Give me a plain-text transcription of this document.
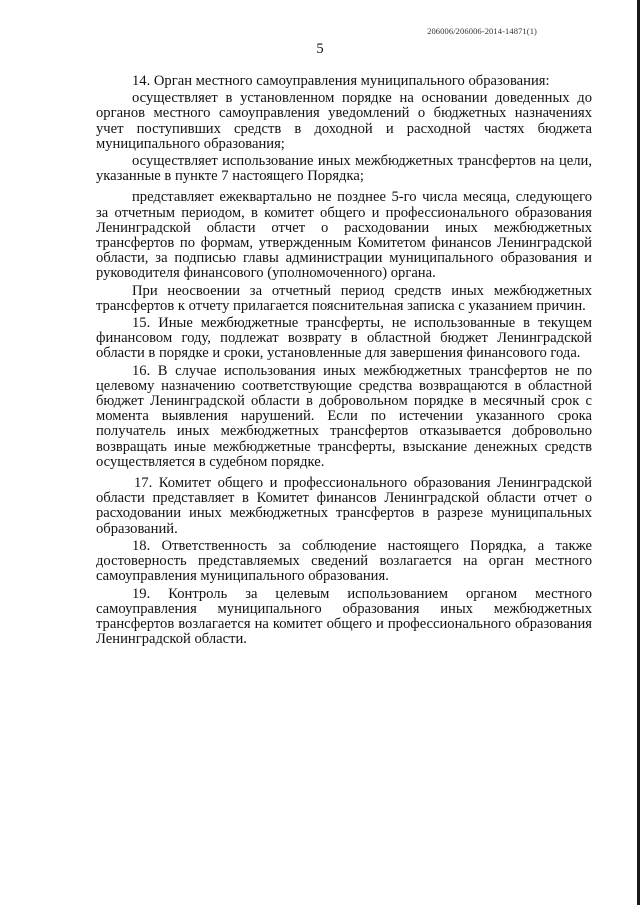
206006/206006-2014-14871(1)
5

14. Орган местного самоуправления муниципального образования:

осуществляет в установленном порядке на основании доведенных до органов местного самоуправления уведомлений о бюджетных назначениях учет поступивших средств в доходной и расходной частях бюджета муниципального образования;

осуществляет использование иных межбюджетных трансфертов на цели, указанные в пункте 7 настоящего Порядка;

представляет ежеквартально не позднее 5-го числа месяца, следующего за отчетным периодом, в комитет общего и профессионального образования Ленинградской области отчет о расходовании иных межбюджетных трансфертов по формам, утвержденным Комитетом финансов Ленинградской области, за подписью главы администрации муниципального образования и руководителя финансового (уполномоченного) органа.

При неосвоении за отчетный период средств иных межбюджетных трансфертов к отчету прилагается пояснительная записка с указанием причин.

15. Иные межбюджетные трансферты, не использованные в текущем финансовом году, подлежат возврату в областной бюджет Ленинградской области в порядке и сроки, установленные для завершения финансового года.

16. В случае использования иных межбюджетных трансфертов не по целевому назначению соответствующие средства возвращаются в областной бюджет Ленинградской области в добровольном порядке в месячный срок с момента выявления нарушений. Если по истечении указанного срока получатель иных межбюджетных трансфертов отказывается добровольно возвращать иные межбюджетные трансферты, взыскание денежных средств осуществляется в судебном порядке.

17. Комитет общего и профессионального образования Ленинградской области представляет в Комитет финансов Ленинградской области отчет о расходовании иных межбюджетных трансфертов в разрезе муниципальных образований.

18. Ответственность за соблюдение настоящего Порядка, а также достоверность представляемых сведений возлагается на орган местного самоуправления муниципального образования.

19. Контроль за целевым использованием органом местного самоуправления муниципального образования иных межбюджетных трансфертов возлагается на комитет общего и профессионального образования Ленинградской области.
